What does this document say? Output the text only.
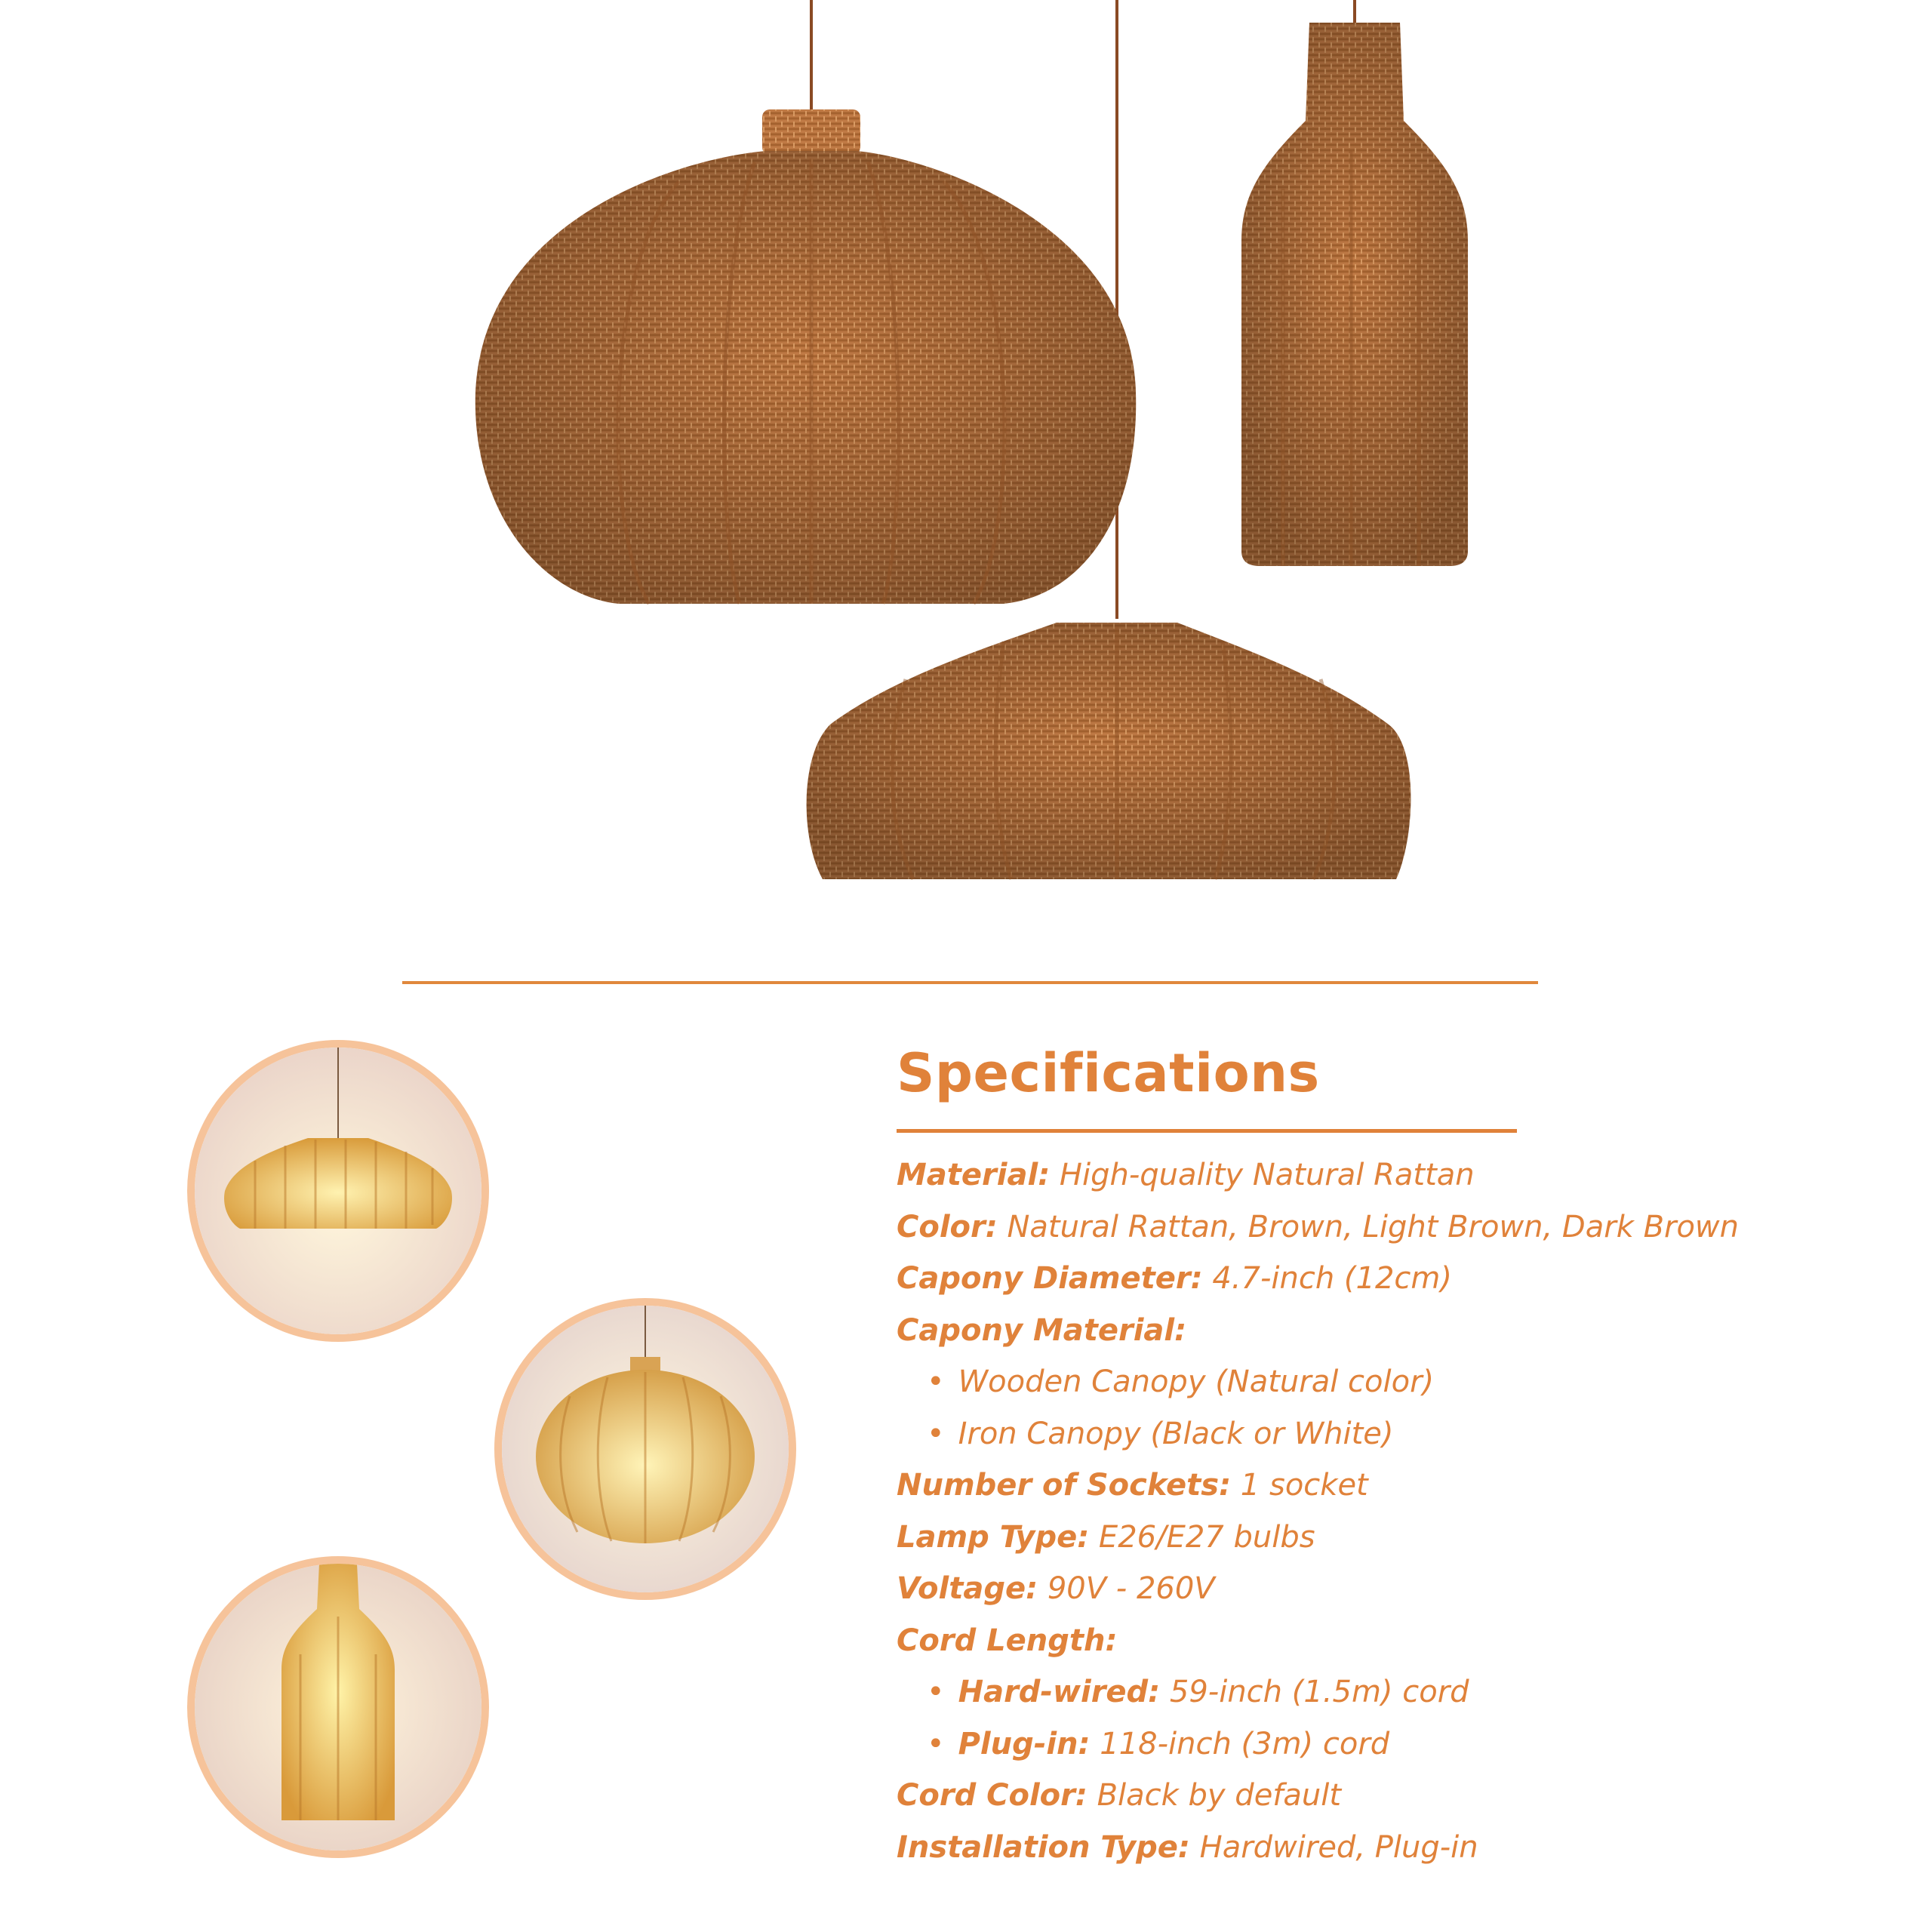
Specifications
Material: High-quality Natural Rattan
Color: Natural Rattan, Brown, Light Brown, Dark Brown
Capony Diameter: 4.7-inch (12cm)
Capony Material:
• Wooden Canopy (Natural color)
• Iron Canopy (Black or White)
Number of Sockets: 1 socket
Lamp Type: E26/E27 bulbs
Voltage: 90V - 260V
Cord Length:
• Hard-wired: 59-inch (1.5m) cord
• Plug-in: 118-inch (3m) cord
Cord Color: Black by default
Installation Type: Hardwired, Plug-in
